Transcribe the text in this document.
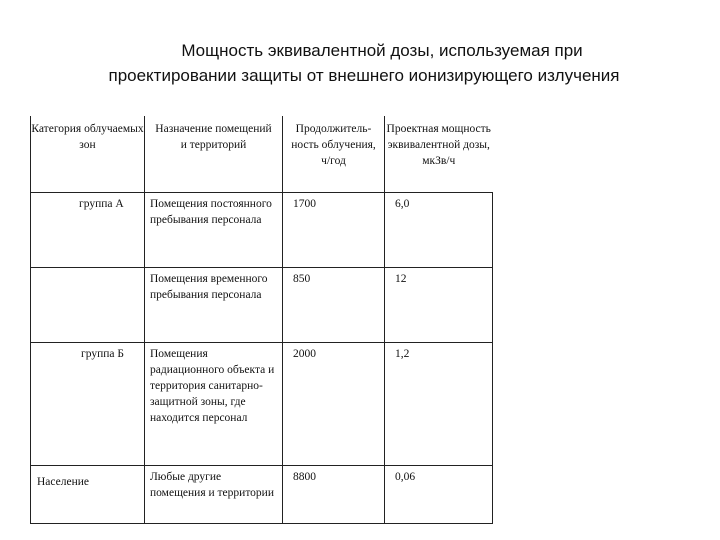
Мощность эквивалентной дозы, используемая при
проектировании защиты от внешнего ионизирующего излучения
Категория облучаемых зон	Назначение помещений и территорий	Продолжитель-ность облучения, ч/год	Проектная мощность эквивалентной дозы, мкЗв/ч
группа А	Помещения постоянного пребывания персонала	1700	6,0
	Помещения временного пребывания персонала	850	12
группа Б	Помещения радиационного объекта и территория санитарно-защитной зоны, где находится персонал	2000	1,2
Население	Любые другие помещения и территории	8800	0,06
